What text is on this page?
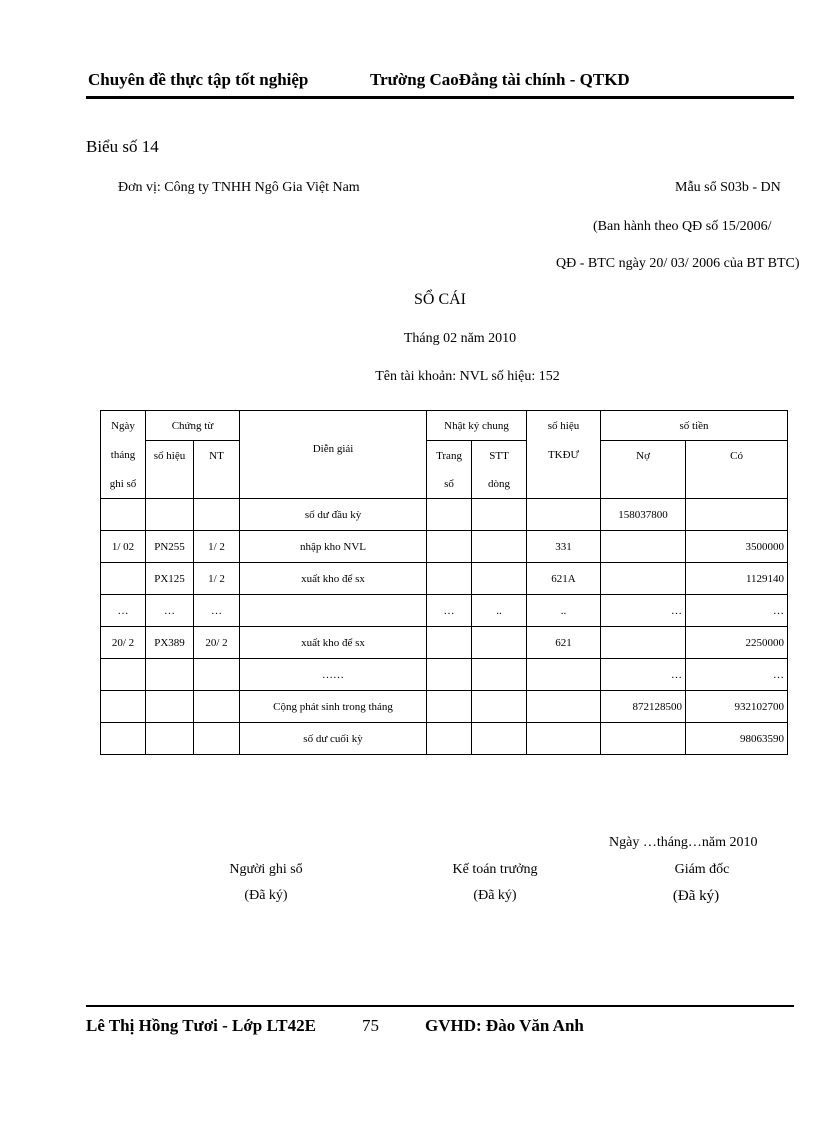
Chuyên đề thực tập tốt nghiệp	Trường CaoĐẳng tài chính - QTKD
Biểu số 14
Đơn vị: Công ty TNHH Ngô Gia Việt Nam	Mẫu sổ S03b - DN
(Ban hành theo QĐ số 15/2006/
QĐ - BTC ngày 20/ 03/ 2006 của BT BTC)
SỔ CÁI
Tháng 02 năm 2010
Tên tài khoản: NVL số hiệu: 152
Ngày	Chứng từ		Diễn giải	Nhật ký chung		số hiệu	số tiền	
tháng	số hiệu	NT		Trang	STT	TKĐƯ	Nợ	Có
ghi sổ				sổ	dòng			
			số dư đầu kỳ				158037800	
1/ 02	PN255	1/ 2	nhập kho NVL			331		3500000
	PX125	1/ 2	xuất kho để sx			621A		1129140
…	…	…		…	..	..	…	…
20/ 2	PX389	20/ 2	xuất kho để sx			621		2250000
			……				…	…
			Cộng phát sinh trong tháng				872128500	932102700
			số dư cuối kỳ					98063590
Ngày …tháng…năm 2010
Người ghi sổ	Kế toán trưởng	Giám đốc
(Đã ký)	(Đã ký)	(Đã ký)
Lê Thị Hồng Tươi - Lớp LT42E	75	GVHD: Đào Văn Anh
